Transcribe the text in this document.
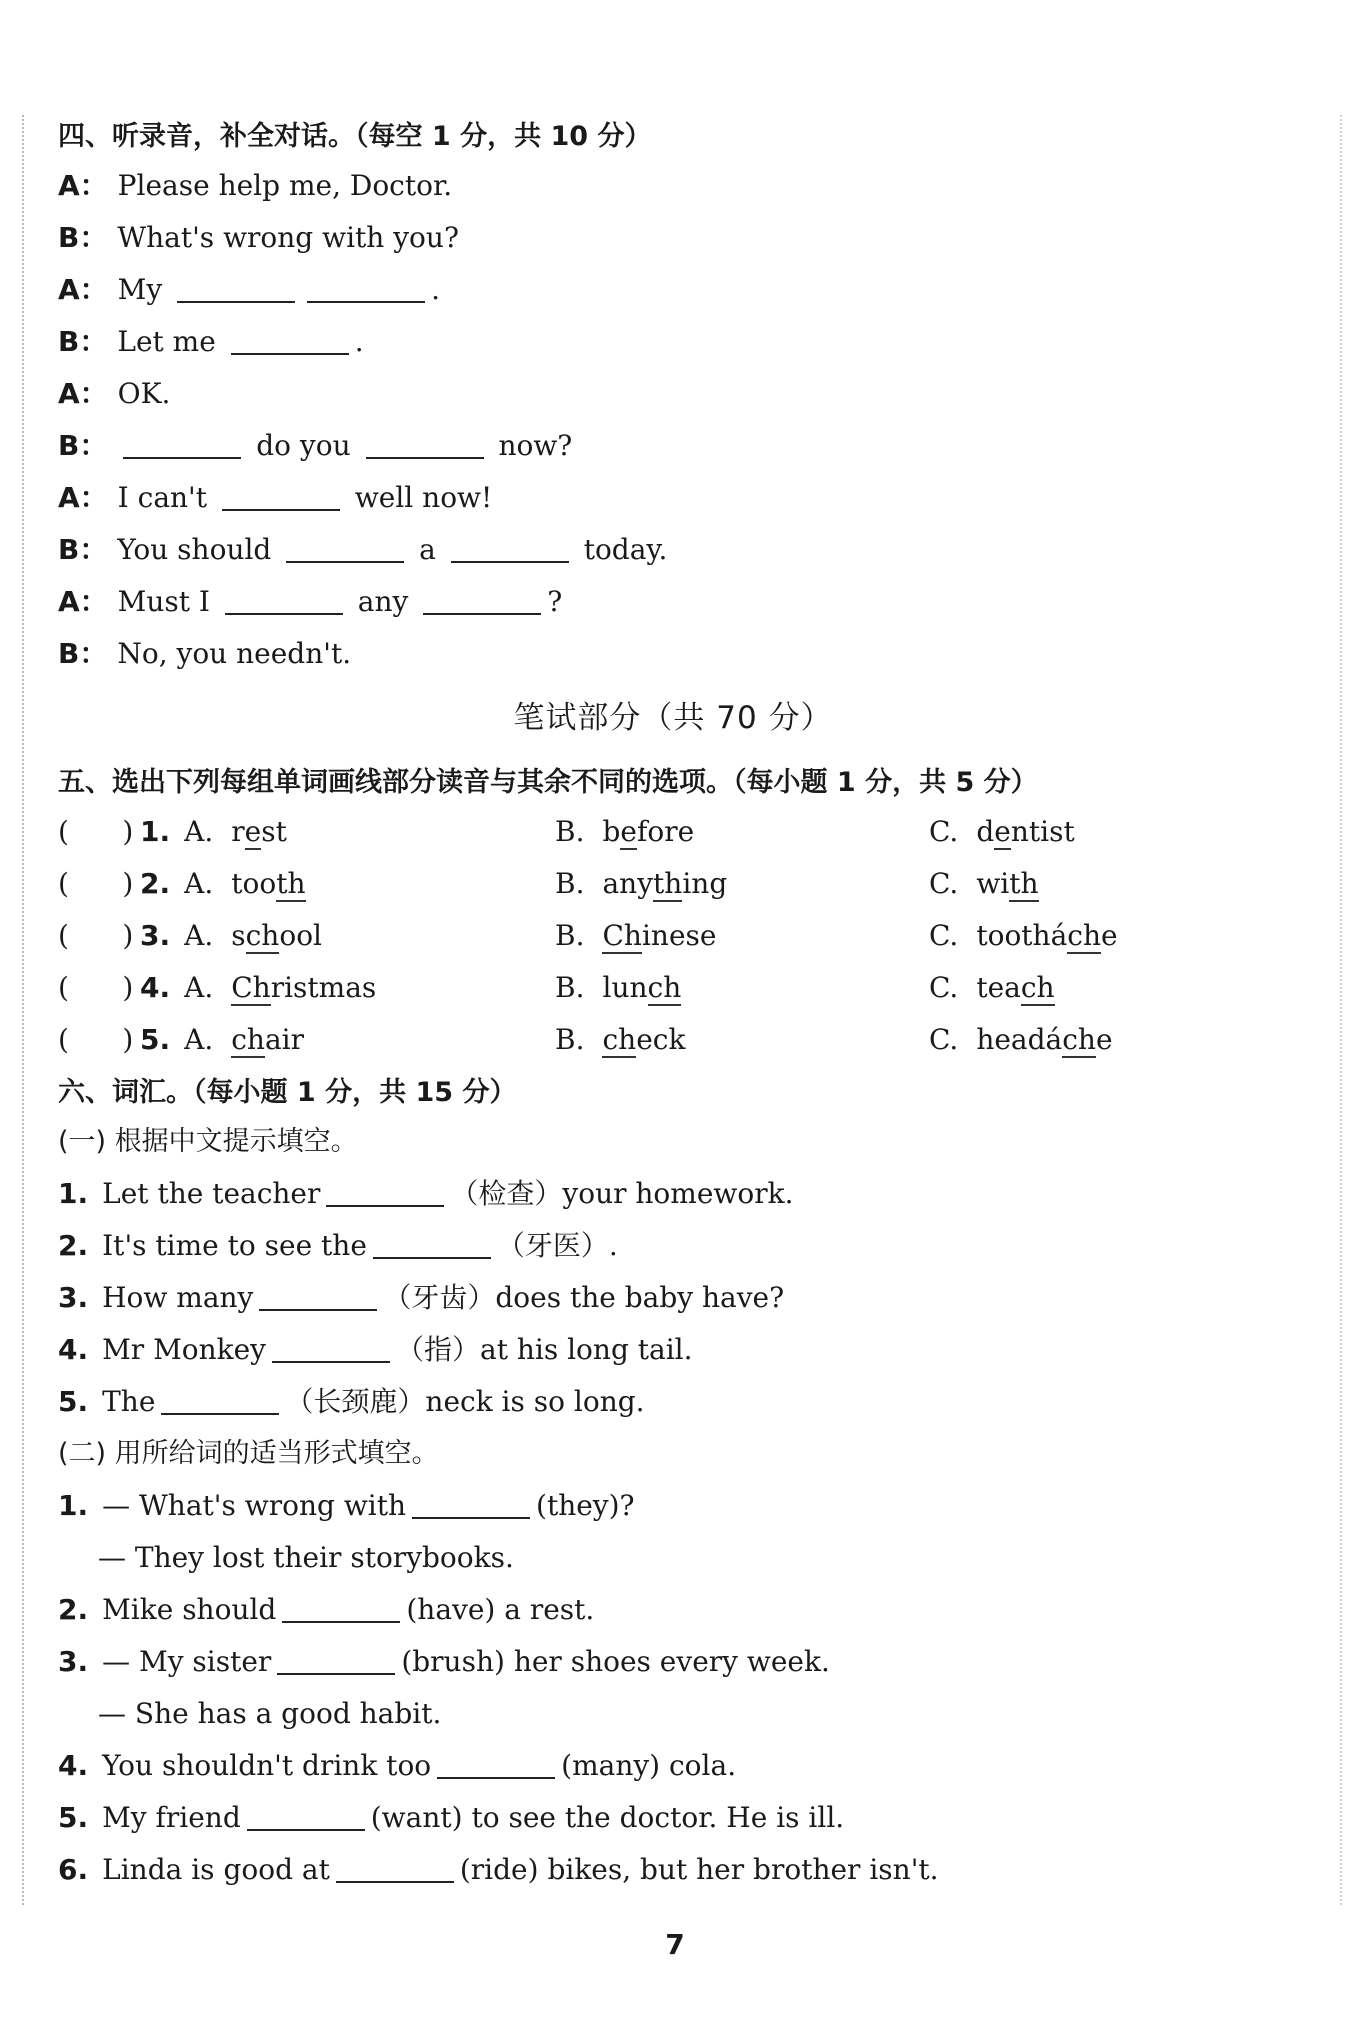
四、听录音，补全对话。（每空 1 分，共 10 分）
A： Please help me, Doctor.
B： What's wrong with you?
A： My	.
B： Let me	.
A： OK.
B：	do you	now?
A： I can't	well now!
B： You should	a	today.
A： Must I	any	?
B： No, you needn't.
笔试部分（共 70 分）
五、选出下列每组单词画线部分读音与其余不同的选项。（每小题 1 分，共 5 分）
( ) 1. A. rest	B. before	C. dentist
( ) 2. A. tooth	B. anything	C. with
( ) 3. A. school	B. Chinese	C. tootháche
( ) 4. A. Christmas	B. lunch	C. teach
( ) 5. A. chair	B. check	C. headáche
六、词汇。（每小题 1 分，共 15 分）
(一) 根据中文提示填空。
1. Let the teacher	（检查）your homework.
2. It's time to see the	（牙医）.
3. How many	（牙齿）does the baby have?
4. Mr Monkey	（指）at his long tail.
5. The	（长颈鹿）neck is so long.
(二) 用所给词的适当形式填空。
1. — What's wrong with	(they)?
— They lost their storybooks.
2. Mike should	(have) a rest.
3. — My sister	(brush) her shoes every week.
— She has a good habit.
4. You shouldn't drink too	(many) cola.
5. My friend	(want) to see the doctor. He is ill.
6. Linda is good at	(ride) bikes, but her brother isn't.
7
